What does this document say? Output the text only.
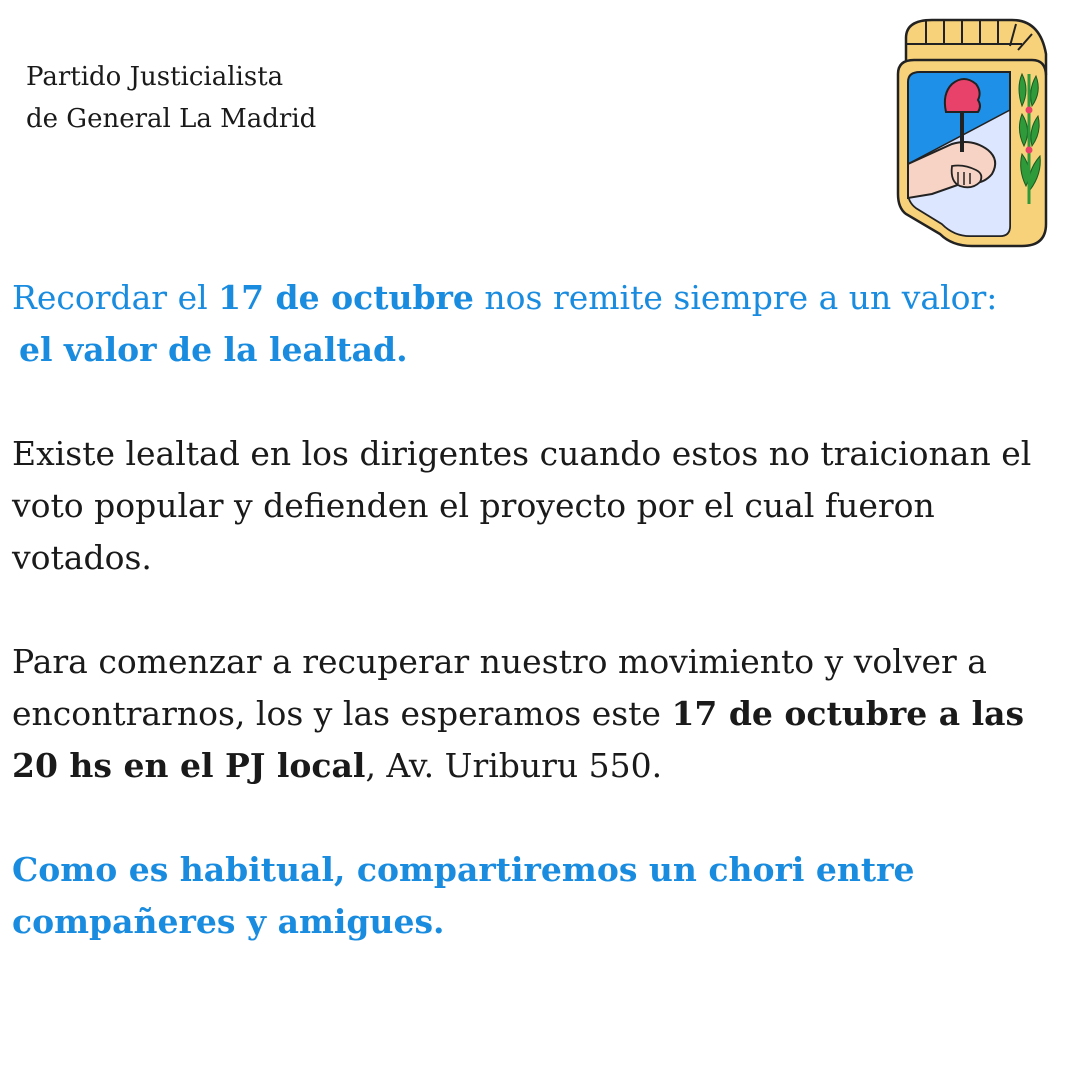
Partido Justicialista
de General La Madrid

Recordar el 17 de octubre nos remite siempre a un valor:
el valor de la lealtad.

Existe lealtad en los dirigentes cuando estos no traicionan el voto popular y defienden el proyecto por el cual fueron votados.

Para comenzar a recuperar nuestro movimiento y volver a encontrarnos, los y las esperamos este 17 de octubre a las 20 hs en el PJ local, Av. Uriburu 550.

Como es habitual, compartiremos un chori entre compañeres y amigues.
